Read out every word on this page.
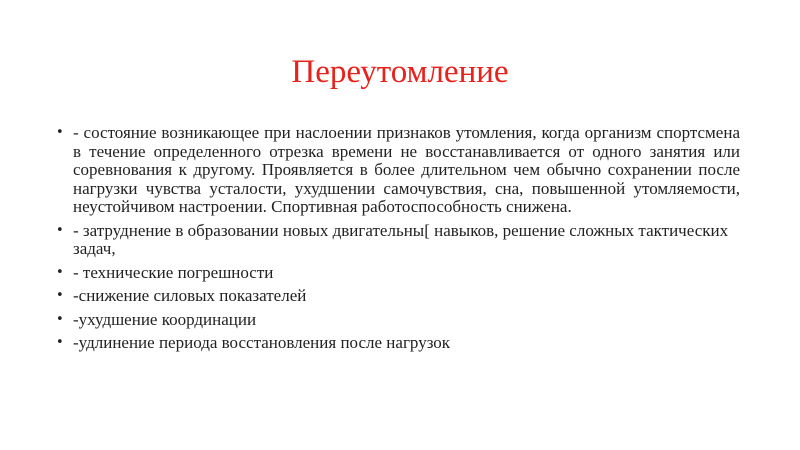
Переутомление
• - состояние возникающее при наслоении признаков утомления, когда организм спортсмена в течение определенного отрезка времени не восстанавливается от одного занятия или соревнования к другому. Проявляется в более длительном чем обычно сохранении после нагрузки чувства усталости, ухудшении самочувствия, сна, повышенной утомляемости, неустойчивом настроении. Спортивная работоспособность снижена.
• - затруднение в образовании новых двигательны[ навыков, решение сложных тактических задач,
• - технические погрешности
• -снижение силовых показателей
• -ухудшение координации
• -удлинение периода восстановления после нагрузок
